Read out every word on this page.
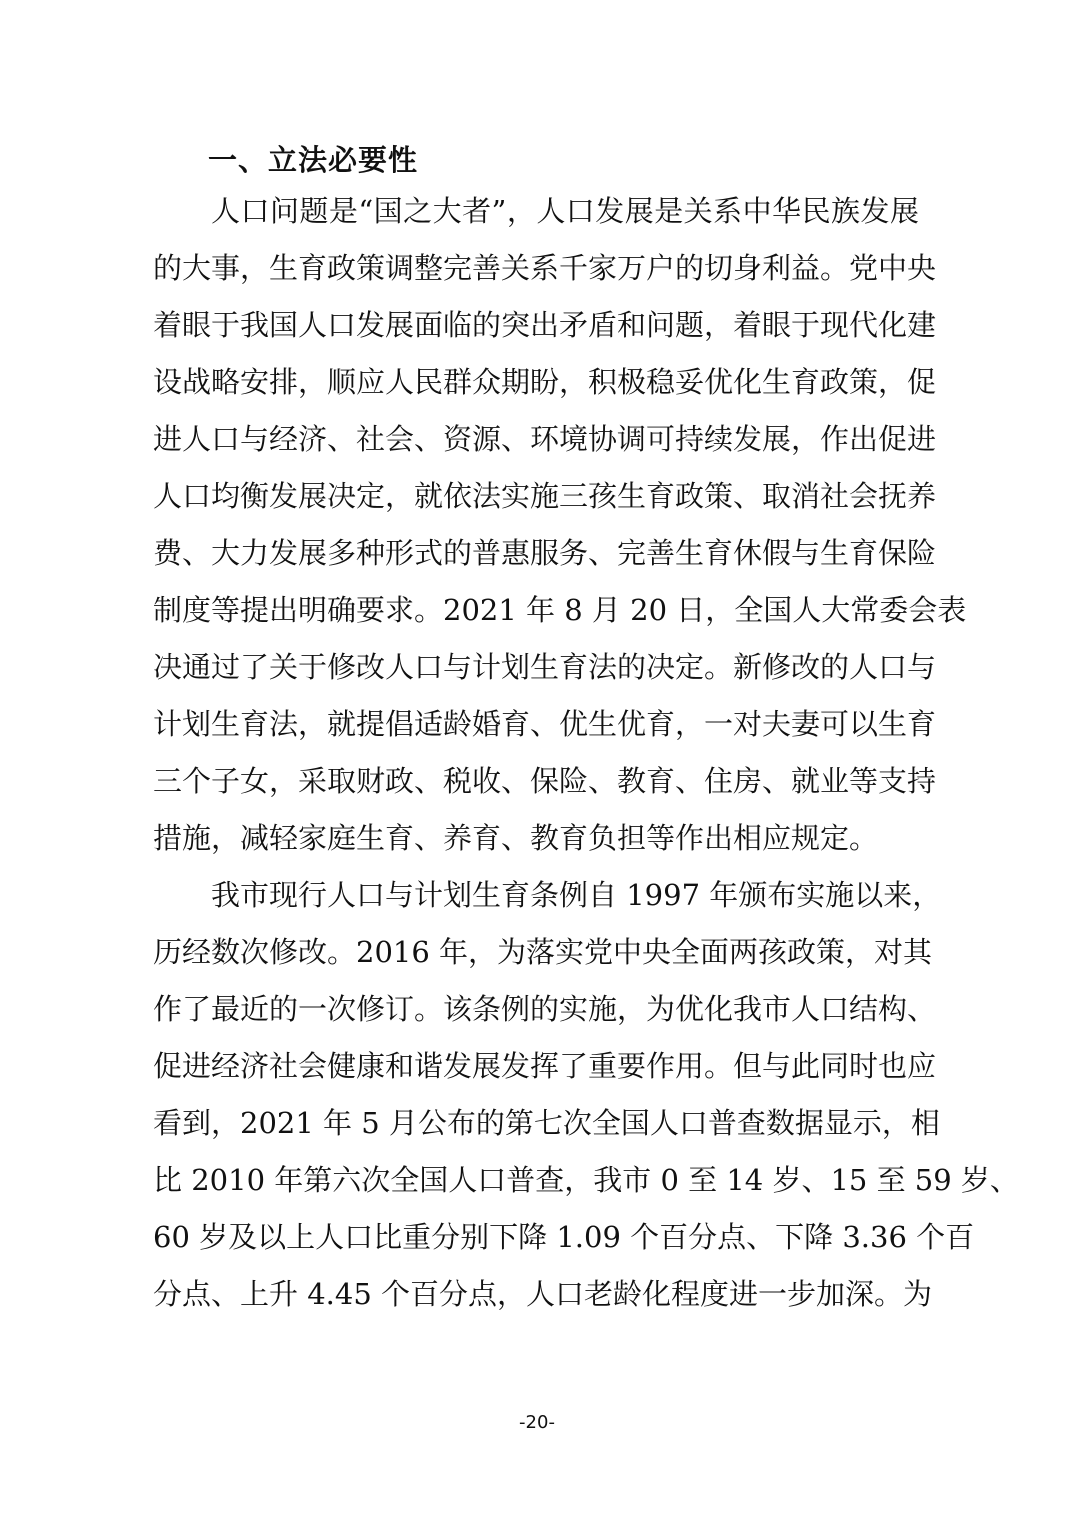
一、立法必要性
人口问题是“国之大者”，人口发展是关系中华民族发展
的大事，生育政策调整完善关系千家万户的切身利益。党中央
着眼于我国人口发展面临的突出矛盾和问题，着眼于现代化建
设战略安排，顺应人民群众期盼，积极稳妥优化生育政策，促
进人口与经济、社会、资源、环境协调可持续发展，作出促进
人口均衡发展决定，就依法实施三孩生育政策、取消社会抚养
费、大力发展多种形式的普惠服务、完善生育休假与生育保险
制度等提出明确要求。2021 年 8 月 20 日，全国人大常委会表
决通过了关于修改人口与计划生育法的决定。新修改的人口与
计划生育法，就提倡适龄婚育、优生优育，一对夫妻可以生育
三个子女，采取财政、税收、保险、教育、住房、就业等支持
措施，减轻家庭生育、养育、教育负担等作出相应规定。
我市现行人口与计划生育条例自 1997 年颁布实施以来，
历经数次修改。2016 年，为落实党中央全面两孩政策，对其
作了最近的一次修订。该条例的实施，为优化我市人口结构、
促进经济社会健康和谐发展发挥了重要作用。但与此同时也应
看到，2021 年 5 月公布的第七次全国人口普查数据显示，相
比 2010 年第六次全国人口普查，我市 0 至 14 岁、15 至 59 岁、
60 岁及以上人口比重分别下降 1.09 个百分点、下降 3.36 个百
分点、上升 4.45 个百分点，人口老龄化程度进一步加深。为
-20-
